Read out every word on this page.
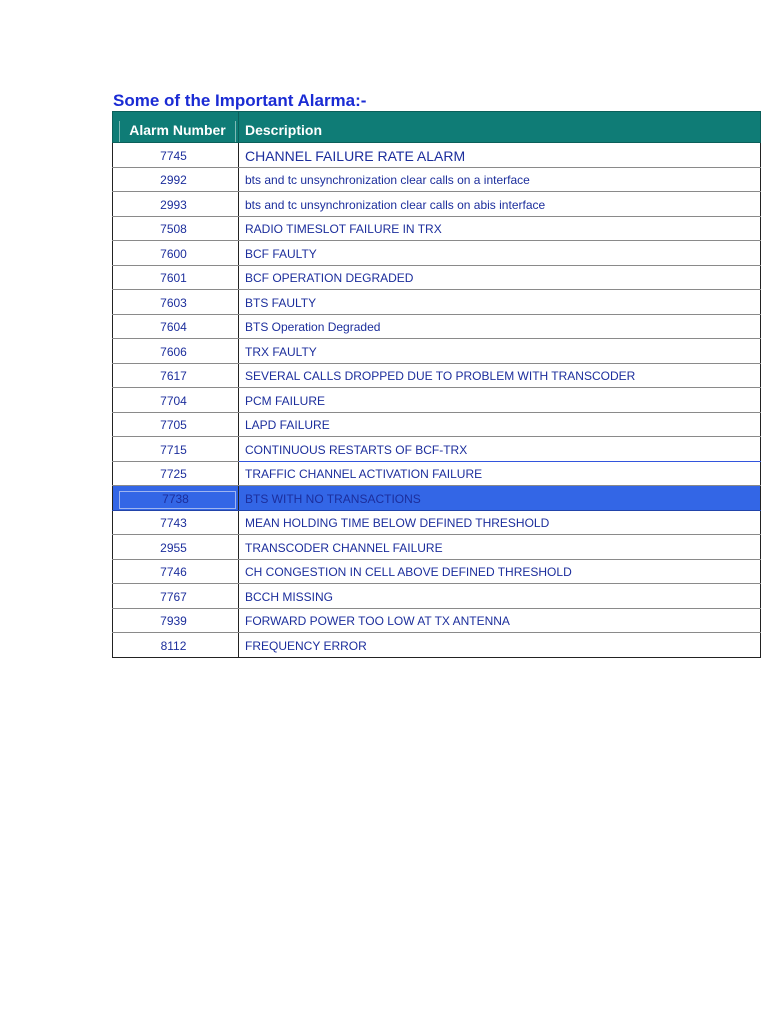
Some of the Important Alarma:-
Alarm Number	Description

7745	CHANNEL FAILURE RATE ALARM

2992	bts and tc unsynchronization clear calls on a interface

2993	bts and tc unsynchronization clear calls on abis interface

7508	RADIO TIMESLOT FAILURE IN TRX

7600	BCF FAULTY

7601	BCF OPERATION DEGRADED

7603	BTS FAULTY

7604	BTS Operation Degraded

7606	TRX FAULTY

7617	SEVERAL CALLS DROPPED DUE TO PROBLEM WITH TRANSCODER

7704	PCM FAILURE

7705	LAPD FAILURE

7715	CONTINUOUS RESTARTS OF BCF-TRX

7725	TRAFFIC CHANNEL ACTIVATION FAILURE

7738	BTS WITH NO TRANSACTIONS

7743	MEAN HOLDING TIME BELOW DEFINED THRESHOLD

2955	TRANSCODER CHANNEL FAILURE

7746	CH CONGESTION IN CELL ABOVE DEFINED THRESHOLD

7767	BCCH MISSING

7939	FORWARD POWER TOO LOW AT TX ANTENNA

8112	FREQUENCY ERROR
